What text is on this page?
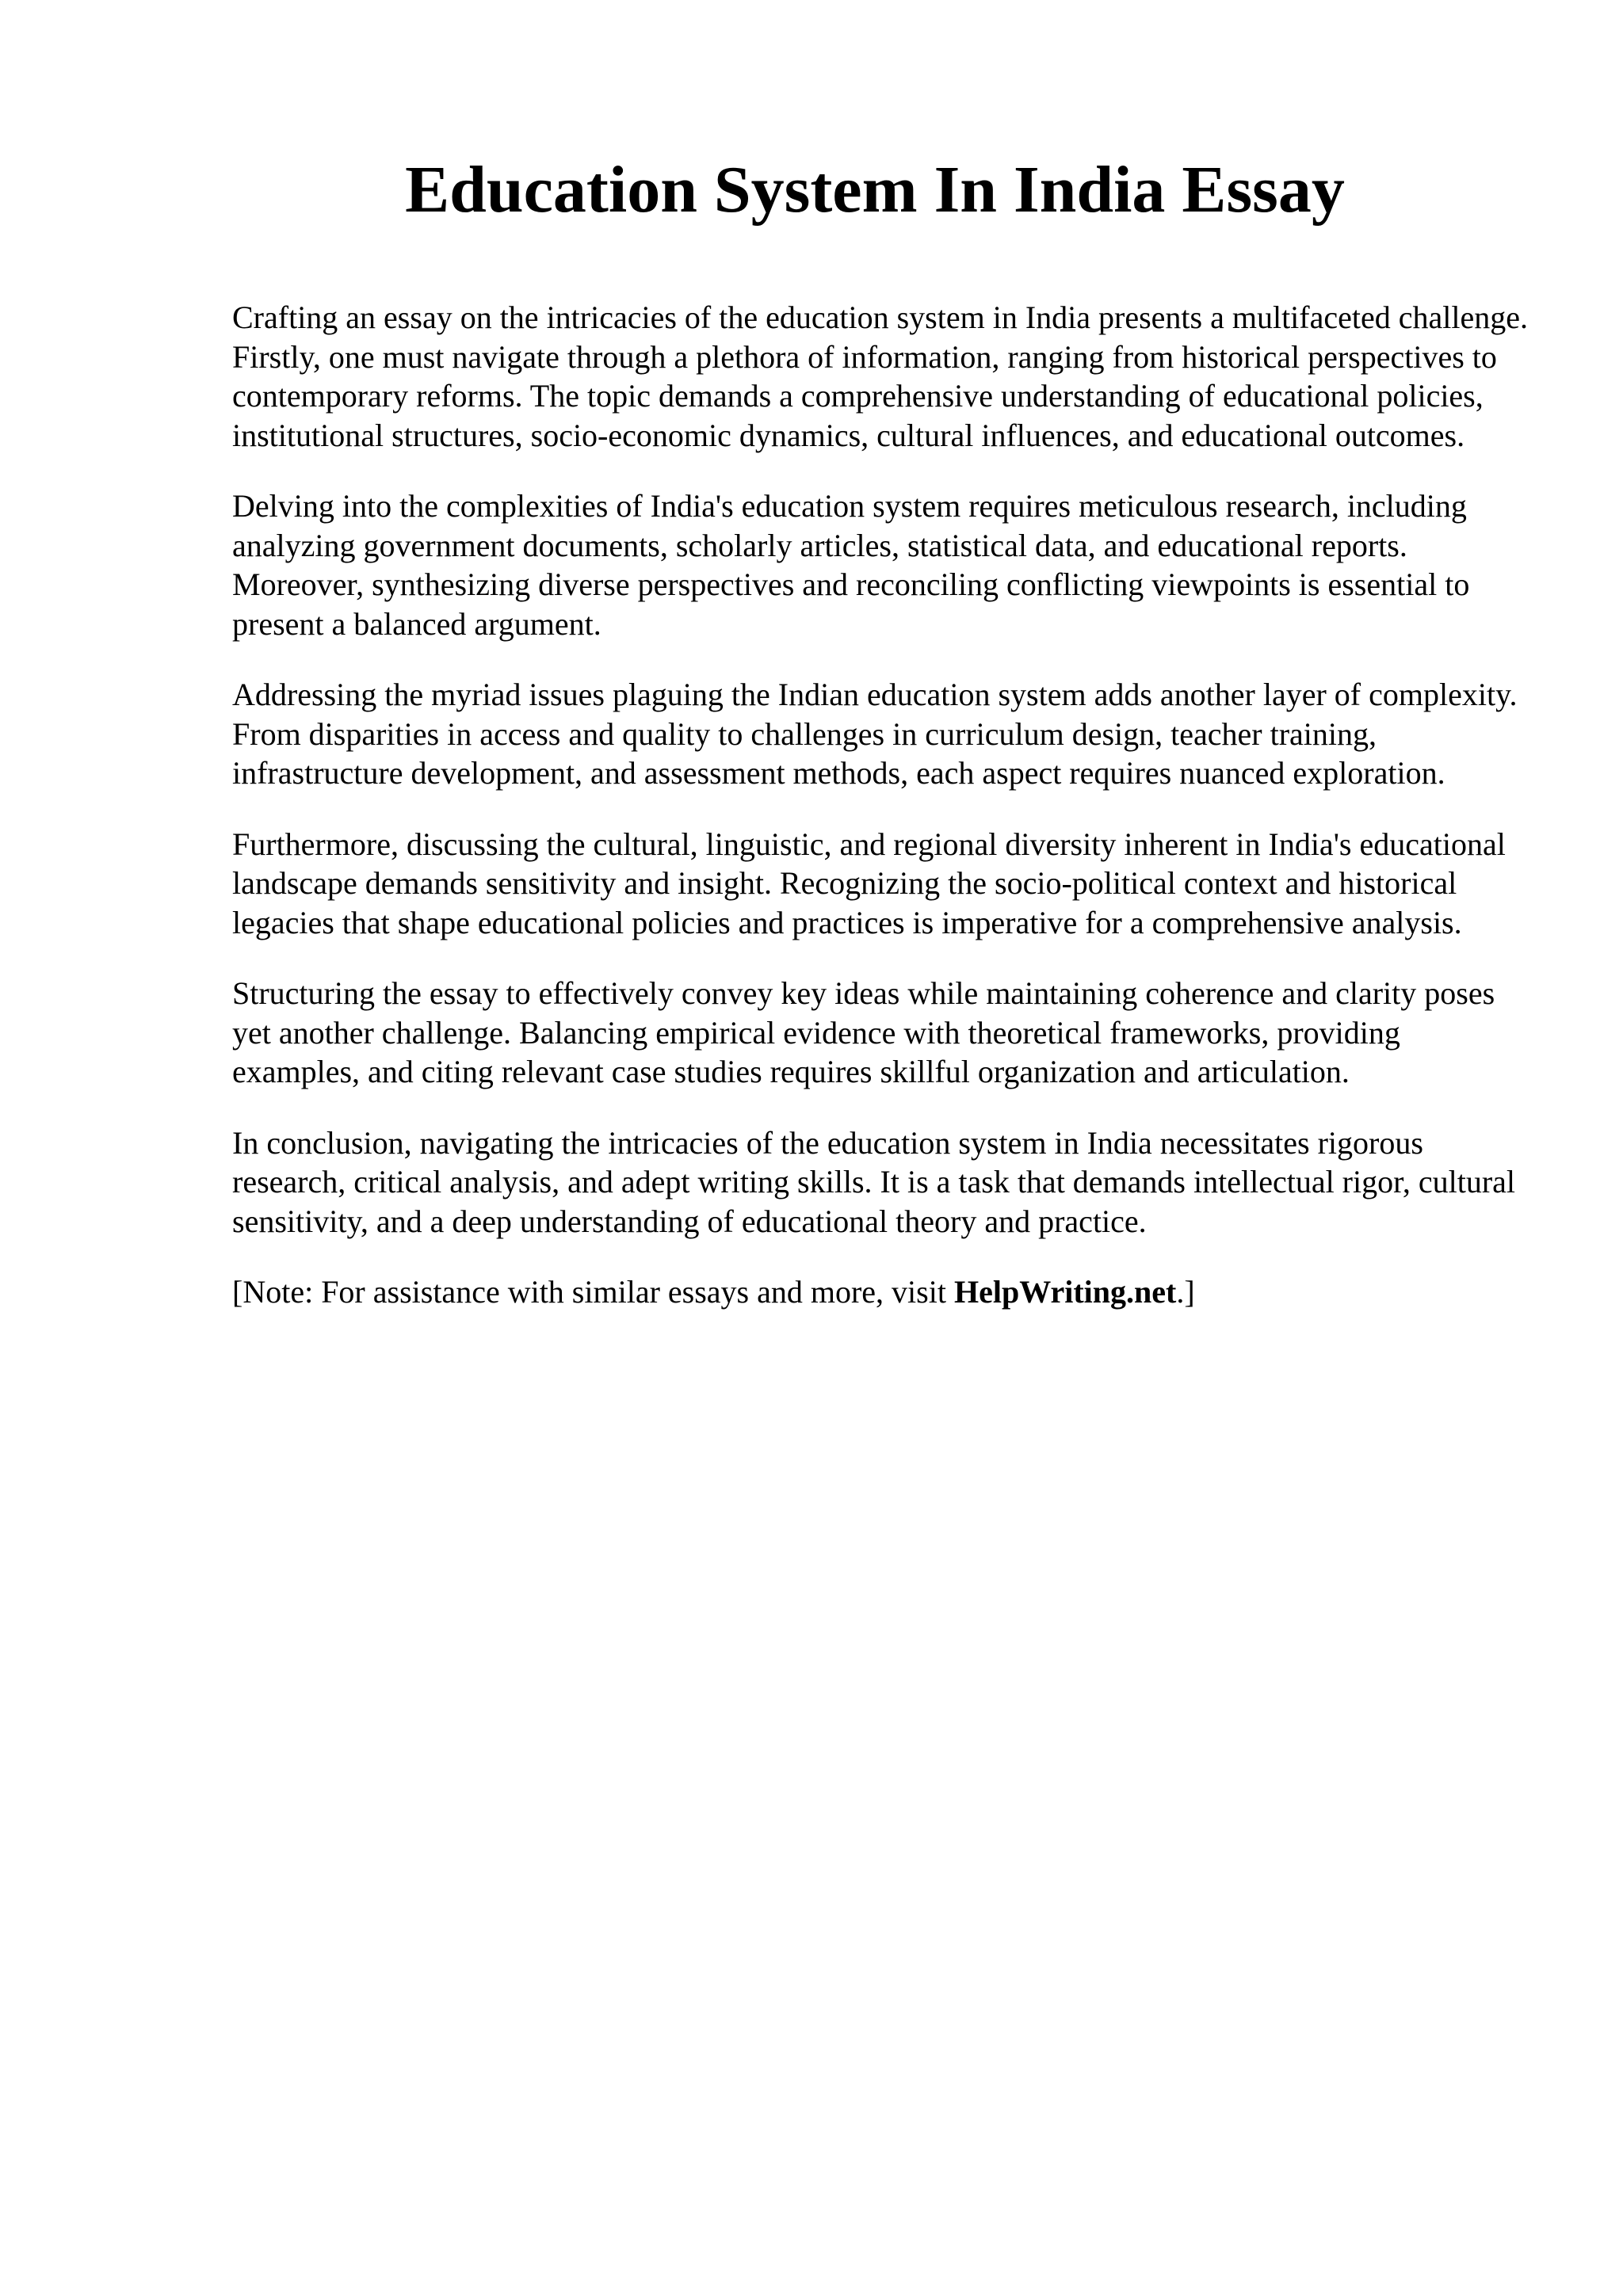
Education System In India Essay

Crafting an essay on the intricacies of the education system in India presents a multifaceted challenge. Firstly, one must navigate through a plethora of information, ranging from historical perspectives to contemporary reforms. The topic demands a comprehensive understanding of educational policies, institutional structures, socio-economic dynamics, cultural influences, and educational outcomes.

Delving into the complexities of India's education system requires meticulous research, including analyzing government documents, scholarly articles, statistical data, and educational reports. Moreover, synthesizing diverse perspectives and reconciling conflicting viewpoints is essential to present a balanced argument.

Addressing the myriad issues plaguing the Indian education system adds another layer of complexity. From disparities in access and quality to challenges in curriculum design, teacher training, infrastructure development, and assessment methods, each aspect requires nuanced exploration.

Furthermore, discussing the cultural, linguistic, and regional diversity inherent in India's educational landscape demands sensitivity and insight. Recognizing the socio-political context and historical legacies that shape educational policies and practices is imperative for a comprehensive analysis.

Structuring the essay to effectively convey key ideas while maintaining coherence and clarity poses yet another challenge. Balancing empirical evidence with theoretical frameworks, providing examples, and citing relevant case studies requires skillful organization and articulation.

In conclusion, navigating the intricacies of the education system in India necessitates rigorous research, critical analysis, and adept writing skills. It is a task that demands intellectual rigor, cultural sensitivity, and a deep understanding of educational theory and practice.

[Note: For assistance with similar essays and more, visit HelpWriting.net.]
